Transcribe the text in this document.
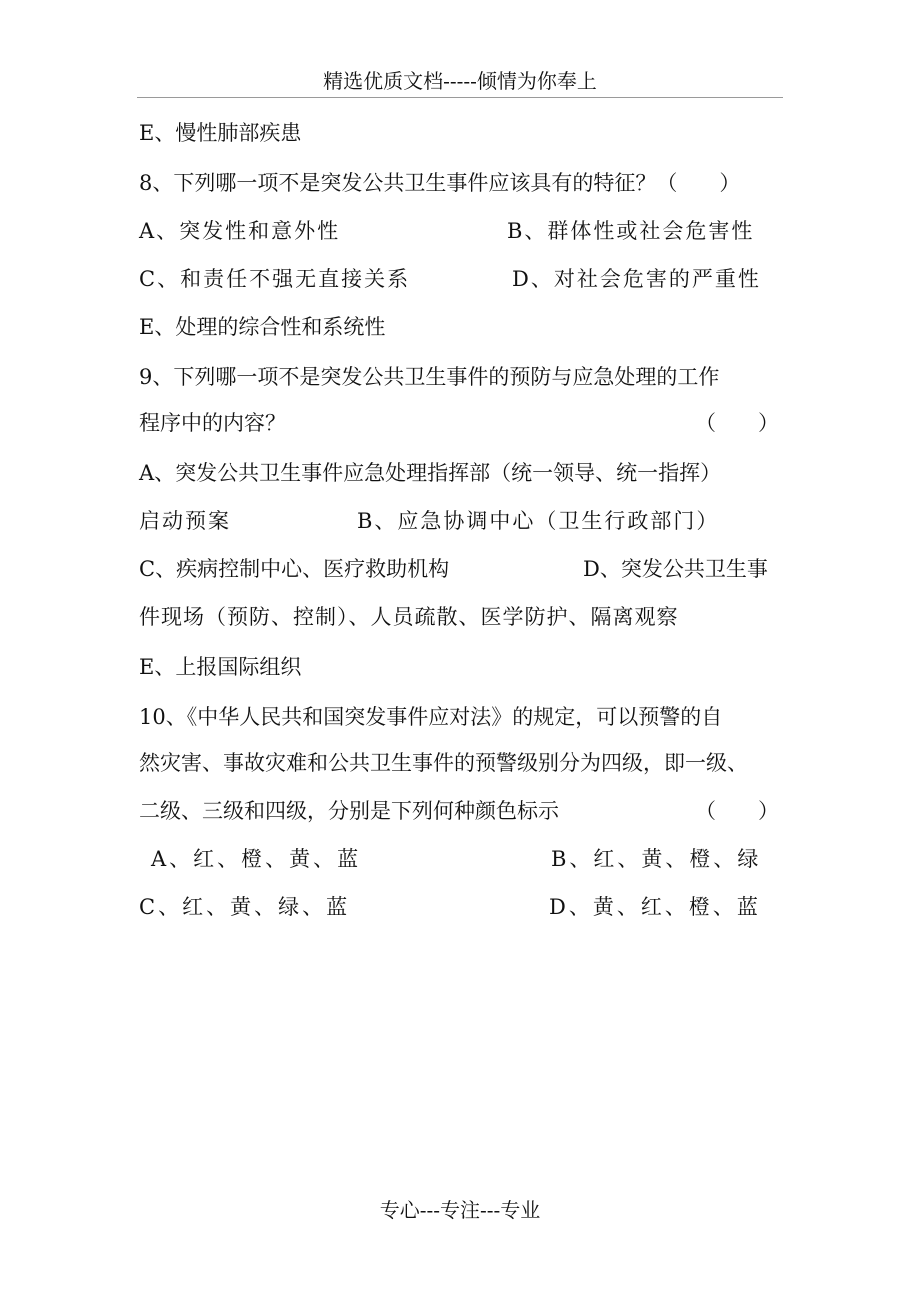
精选优质文档-----倾情为你奉上
E、慢性肺部疾患
8、下列哪一项不是突发公共卫生事件应该具有的特征？（　　）
A、突发性和意外性	B、群体性或社会危害性
C、和责任不强无直接关系	D、对社会危害的严重性
E、处理的综合性和系统性
9、下列哪一项不是突发公共卫生事件的预防与应急处理的工作
程序中的内容？	（　　）
A、突发公共卫生事件应急处理指挥部（统一领导、统一指挥）
启动预案	B、应急协调中心（卫生行政部门）
C、疾病控制中心、医疗救助机构	D、突发公共卫生事
件现场（预防、控制）、人员疏散、医学防护、隔离观察
E、上报国际组织
10、《中华人民共和国突发事件应对法》的规定，可以预警的自
然灾害、事故灾难和公共卫生事件的预警级别分为四级，即一级、
二级、三级和四级，分别是下列何种颜色标示	（　　）
A、红、橙、黄、蓝	B、红、黄、橙、绿
C、红、黄、绿、蓝	D、黄、红、橙、蓝
专心---专注---专业
